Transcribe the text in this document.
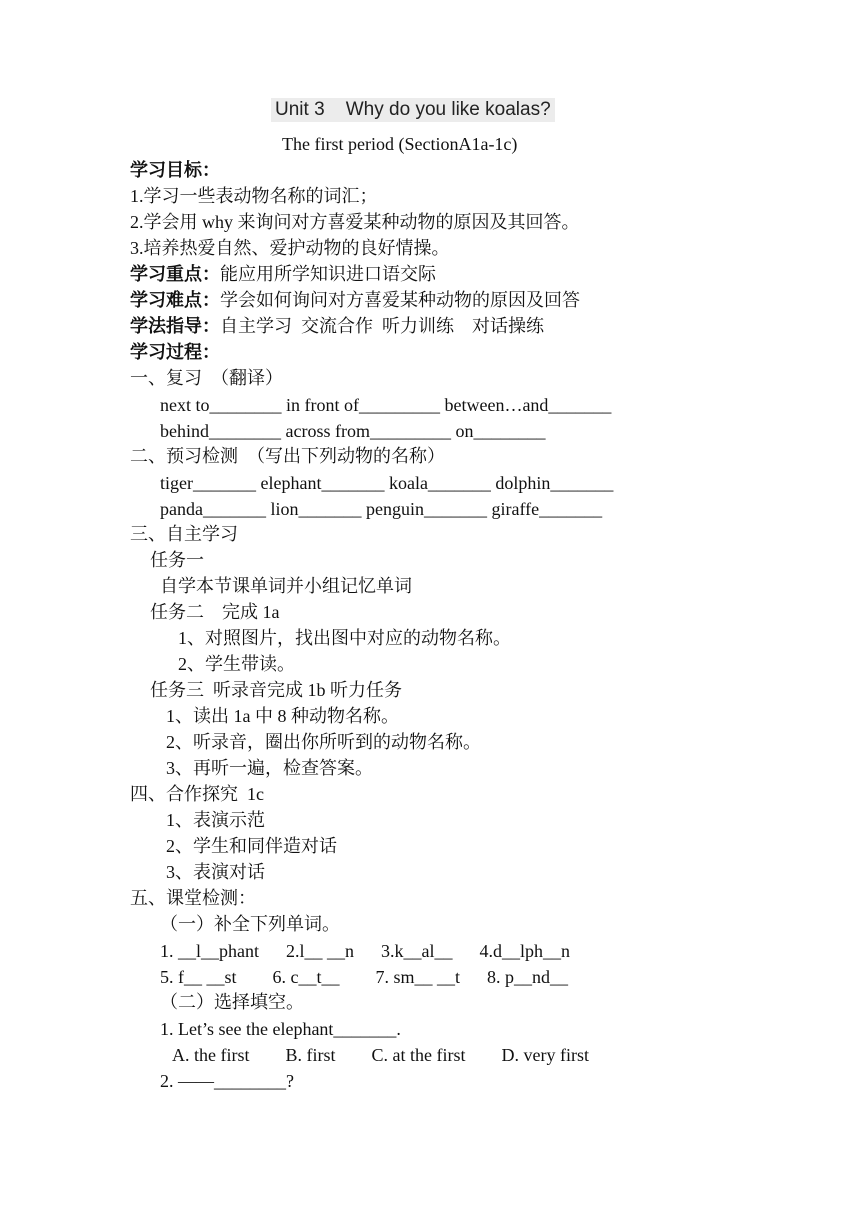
Unit 3    Why do you like koalas?
The first period (SectionA1a-1c)
学习目标：
1.学习一些表动物名称的词汇；
2.学会用 why 来询问对方喜爱某种动物的原因及其回答。
3.培养热爱自然、爱护动物的良好情操。
学习重点：能应用所学知识进口语交际
学习难点：学会如何询问对方喜爱某种动物的原因及回答
学法指导：自主学习  交流合作  听力训练    对话操练
学习过程：
一、复习  （翻译）
next to________ in front of_________ between…and_______
behind________ across from_________ on________
二、预习检测  （写出下列动物的名称）
tiger_______ elephant_______ koala_______ dolphin_______
panda_______ lion_______ penguin_______ giraffe_______
三、自主学习
任务一
自学本节课单词并小组记忆单词
任务二    完成 1a
1、对照图片，找出图中对应的动物名称。
2、学生带读。
任务三  听录音完成 1b 听力任务
1、读出 1a 中 8 种动物名称。
2、听录音，圈出你所听到的动物名称。
3、再听一遍，检查答案。
四、合作探究  1c
1、表演示范
2、学生和同伴造对话
3、表演对话
五、课堂检测：
（一）补全下列单词。
1. __l__phant      2.l__ __n      3.k__al__      4.d__lph__n
5. f__ __st        6. c__t__        7. sm__ __t      8. p__nd__
（二）选择填空。
1. Let’s see the elephant_______.
A. the first        B. first        C. at the first        D. very first
2. ——________?
